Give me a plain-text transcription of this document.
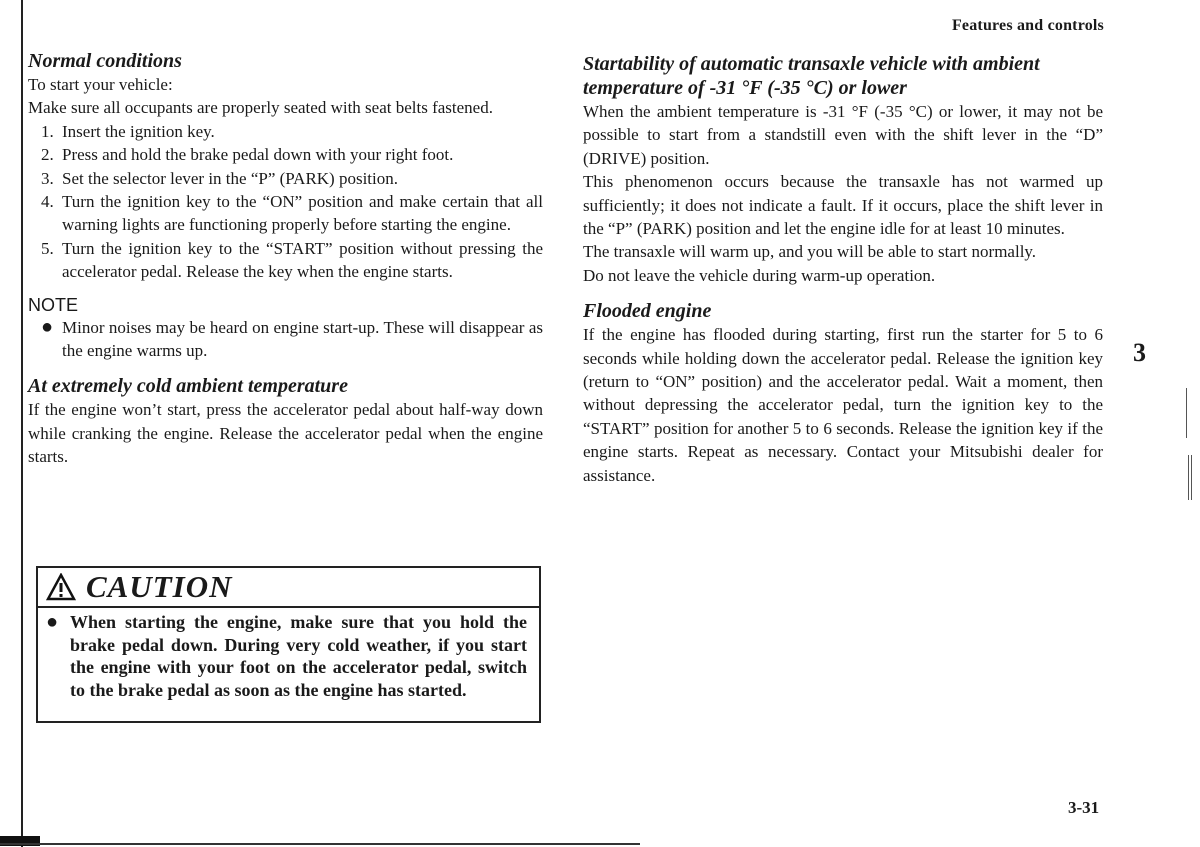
Features and controls
Normal conditions

To start your vehicle:

Make sure all occupants are properly seated with seat belts fastened.

1. Insert the ignition key.
2. Press and hold the brake pedal down with your right foot.
3. Set the selector lever in the “P” (PARK) position.
4. Turn the ignition key to the “ON” position and make certain that all warning lights are functioning properly before starting the engine.
5. Turn the ignition key to the “START” position without pressing the accelerator pedal. Release the key when the engine starts.
NOTE
● Minor noises may be heard on engine start-up. These will disappear as the engine warms up.
At extremely cold ambient temperature

If the engine won’t start, press the accelerator pedal about half-way down while cranking the engine. Release the accelerator pedal when the engine starts.

CAUTION
● When starting the engine, make sure that you hold the brake pedal down. During very cold weather, if you start the engine with your foot on the accelerator pedal, switch to the brake pedal as soon as the engine has started.
Startability of automatic transaxle vehicle with ambient temperature of -31 °F (-35 °C) or lower

When the ambient temperature is -31 °F (-35 °C) or lower, it may not be possible to start from a standstill even with the shift lever in the “D” (DRIVE) position.

This phenomenon occurs because the transaxle has not warmed up sufficiently; it does not indicate a fault. If it occurs, place the shift lever in the “P” (PARK) position and let the engine idle for at least 10 minutes.

The transaxle will warm up, and you will be able to start normally.

Do not leave the vehicle during warm-up operation.

Flooded engine

If the engine has flooded during starting, first run the starter for 5 to 6 seconds while holding down the accelerator pedal. Release the ignition key (return to “ON” position) and the accelerator pedal. Wait a moment, then without depressing the accelerator pedal, turn the ignition key to the “START” position for another 5 to 6 seconds. Release the ignition key if the engine starts. Repeat as necessary. Contact your Mitsubishi dealer for assistance.

3
3-31
